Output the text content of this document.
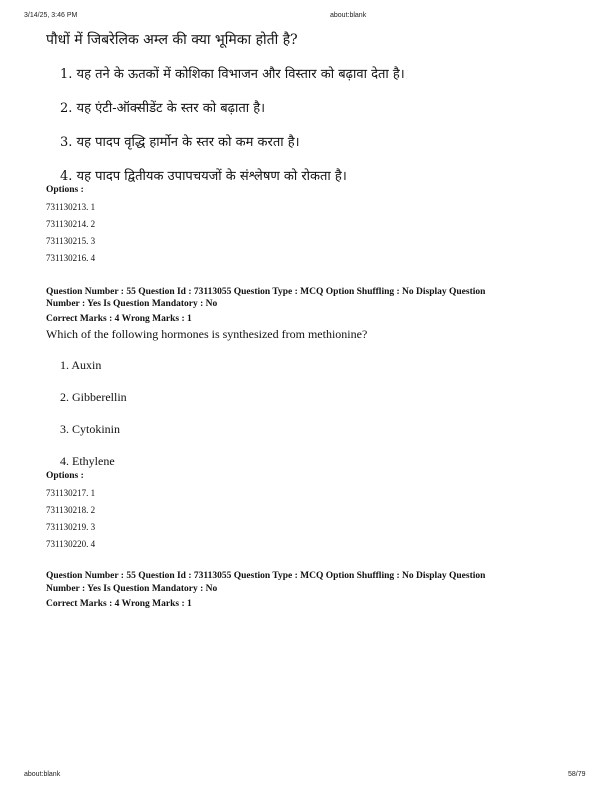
3/14/25, 3:46 PM	about:blank
पौधों में जिबरेलिक अम्ल की क्या भूमिका होती है?
1. यह तने के ऊतकों में कोशिका विभाजन और विस्तार को बढ़ावा देता है।
2. यह एंटी-ऑक्सीडेंट के स्तर को बढ़ाता है।
3. यह पादप वृद्धि हार्मोन के स्तर को कम करता है।
4. यह पादप द्वितीयक उपापचयजों के संश्लेषण को रोकता है।
Options :
731130213. 1
731130214. 2
731130215. 3
731130216. 4
Question Number : 55 Question Id : 73113055 Question Type : MCQ Option Shuffling : No Display Question
Number : Yes Is Question Mandatory : No
Correct Marks : 4 Wrong Marks : 1
Which of the following hormones is synthesized from methionine?
1. Auxin
2. Gibberellin
3. Cytokinin
4. Ethylene
Options :
731130217. 1
731130218. 2
731130219. 3
731130220. 4
Question Number : 55 Question Id : 73113055 Question Type : MCQ Option Shuffling : No Display Question
Number : Yes Is Question Mandatory : No
Correct Marks : 4 Wrong Marks : 1
about:blank	58/79
